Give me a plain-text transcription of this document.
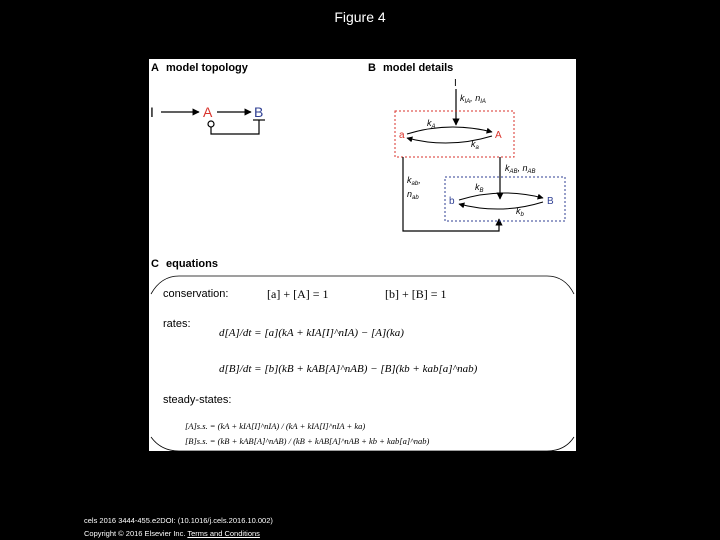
Figure 4
A model topology
I	A	B
B model details
I
$k_{IA}$, $n_{IA}$
a	A
$k_A$
$k_a$
$k_{AB}$, $n_{AB}$
$k_{ab}$,
$n_{ab}$	b	B
$k_B$
$k_b$
C equations
conservation:	[a] + [A] = 1	[b] + [B] = 1
rates:
d[A]/dt = [a](kA + kIA[I]^nIA) − [A](ka)
d[B]/dt = [b](kB + kAB[A]^nAB) − [B](kb + kab[a]^nab)
steady-states:
[A]s.s. = (kA + kIA[I]^nIA) / (kA + kIA[I]^nIA + ka)
[B]s.s. = (kB + kAB[A]^nAB) / (kB + kAB[A]^nAB + kb + kab[a]^nab)
cels 2016 3444-455.e2DOI: (10.1016/j.cels.2016.10.002)
Copyright © 2016 Elsevier Inc. Terms and Conditions
